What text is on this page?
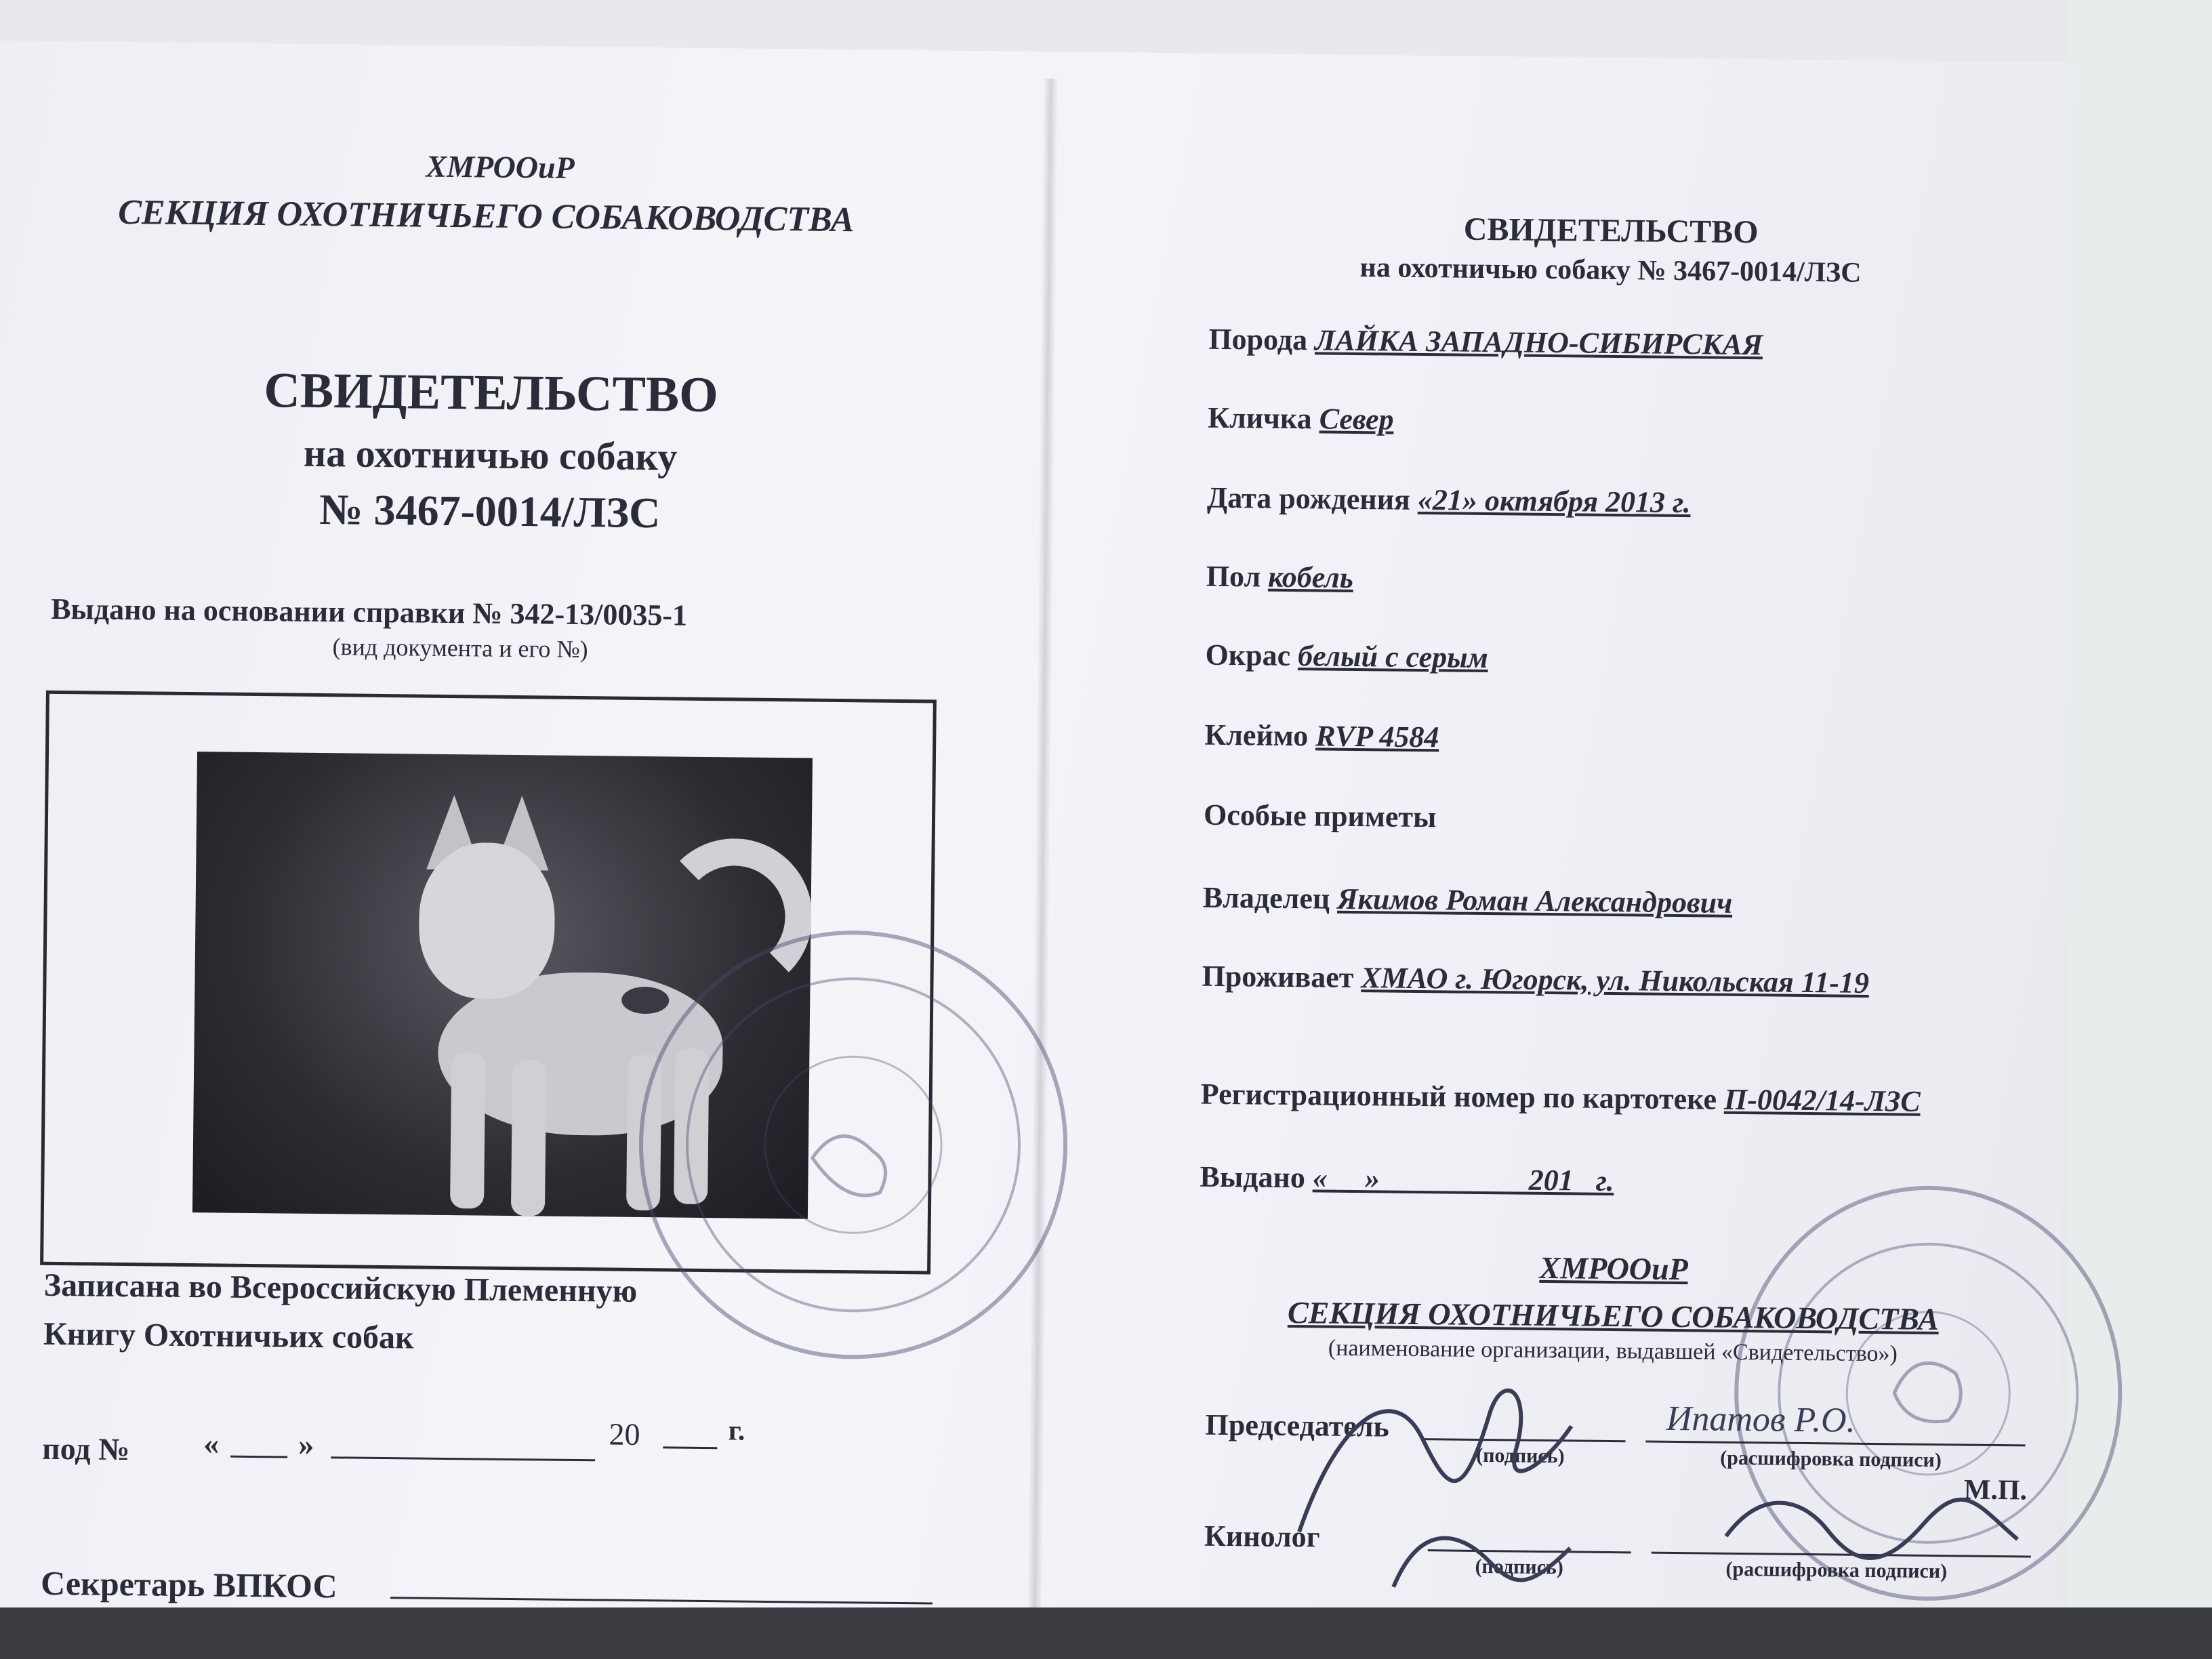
ХМРООиР
СЕКЦИЯ ОХОТНИЧЬЕГО СОБАКОВОДСТВА
СВИДЕТЕЛЬСТВО
на охотничью собаку
№ 3467-0014/ЛЗС
Выдано на основании справки № 342-13/0035-1
(вид документа и его №)
Записана во Всероссийскую Племенную
Книгу Охотничьих собак
под № «	»	20	г.
Секретарь ВПКОС
СВИДЕТЕЛЬСТВО
на охотничью собаку № 3467-0014/ЛЗС
Порода ЛАЙКА ЗАПАДНО-СИБИРСКАЯ
Кличка Север
Дата рождения «21» октября 2013 г.
Пол кобель
Окрас белый с серым
Клеймо RVP 4584
Особые приметы
Владелец Якимов Роман Александрович
Проживает ХМАО г. Югорск, ул. Никольская 11-19
Регистрационный номер по картотеке П-0042/14-ЛЗС
Выдано «     »                    201   г.
ХМРООиР
СЕКЦИЯ ОХОТНИЧЬЕГО СОБАКОВОДСТВА
(наименование организации, выдавшей «Свидетельство»)
Председатель
(подпись)
Ипатов Р.О.
(расшифровка подписи)
М.П.
Кинолог
(подпись)	(расшифровка подписи)
